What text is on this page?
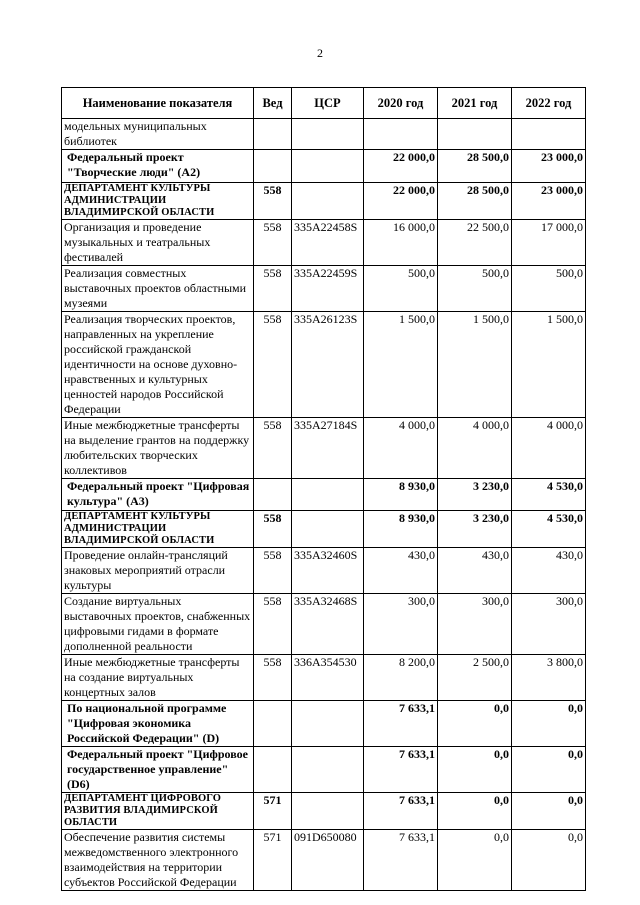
2
Наименование показателя	Вед	ЦСР	2020 год	2021 год	2022 год
модельных муниципальных библиотек					
Федеральный проект "Творческие люди" (А2)			22 000,0	28 500,0	23 000,0
ДЕПАРТАМЕНТ КУЛЬТУРЫ АДМИНИСТРАЦИИ ВЛАДИМИРСКОЙ ОБЛАСТИ	558		22 000,0	28 500,0	23 000,0
Организация и проведение музыкальных и театральных фестивалей	558	335А22458S	16 000,0	22 500,0	17 000,0
Реализация совместных выставочных проектов областными музеями	558	335А22459S	500,0	500,0	500,0
Реализация творческих проектов, направленных на укрепление российской гражданской идентичности на основе духовно-нравственных и культурных ценностей народов Российской Федерации	558	335А26123S	1 500,0	1 500,0	1 500,0
Иные межбюджетные трансферты на выделение грантов на поддержку любительских творческих коллективов	558	335А27184S	4 000,0	4 000,0	4 000,0
Федеральный проект "Цифровая культура" (А3)			8 930,0	3 230,0	4 530,0
ДЕПАРТАМЕНТ КУЛЬТУРЫ АДМИНИСТРАЦИИ ВЛАДИМИРСКОЙ ОБЛАСТИ	558		8 930,0	3 230,0	4 530,0
Проведение онлайн-трансляций знаковых мероприятий отрасли культуры	558	335А32460S	430,0	430,0	430,0
Создание виртуальных выставочных проектов, снабженных цифровыми гидами в формате дополненной реальности	558	335А32468S	300,0	300,0	300,0
Иные межбюджетные трансферты на создание виртуальных концертных залов	558	336А354530	8 200,0	2 500,0	3 800,0
По национальной программе "Цифровая экономика Российской Федерации" (D)			7 633,1	0,0	0,0
Федеральный проект "Цифровое государственное управление" (D6)			7 633,1	0,0	0,0
ДЕПАРТАМЕНТ ЦИФРОВОГО РАЗВИТИЯ ВЛАДИМИРСКОЙ ОБЛАСТИ	571		7 633,1	0,0	0,0
Обеспечение развития системы межведомственного электронного взаимодействия на территории субъектов Российской Федерации	571	091D650080	7 633,1	0,0	0,0
